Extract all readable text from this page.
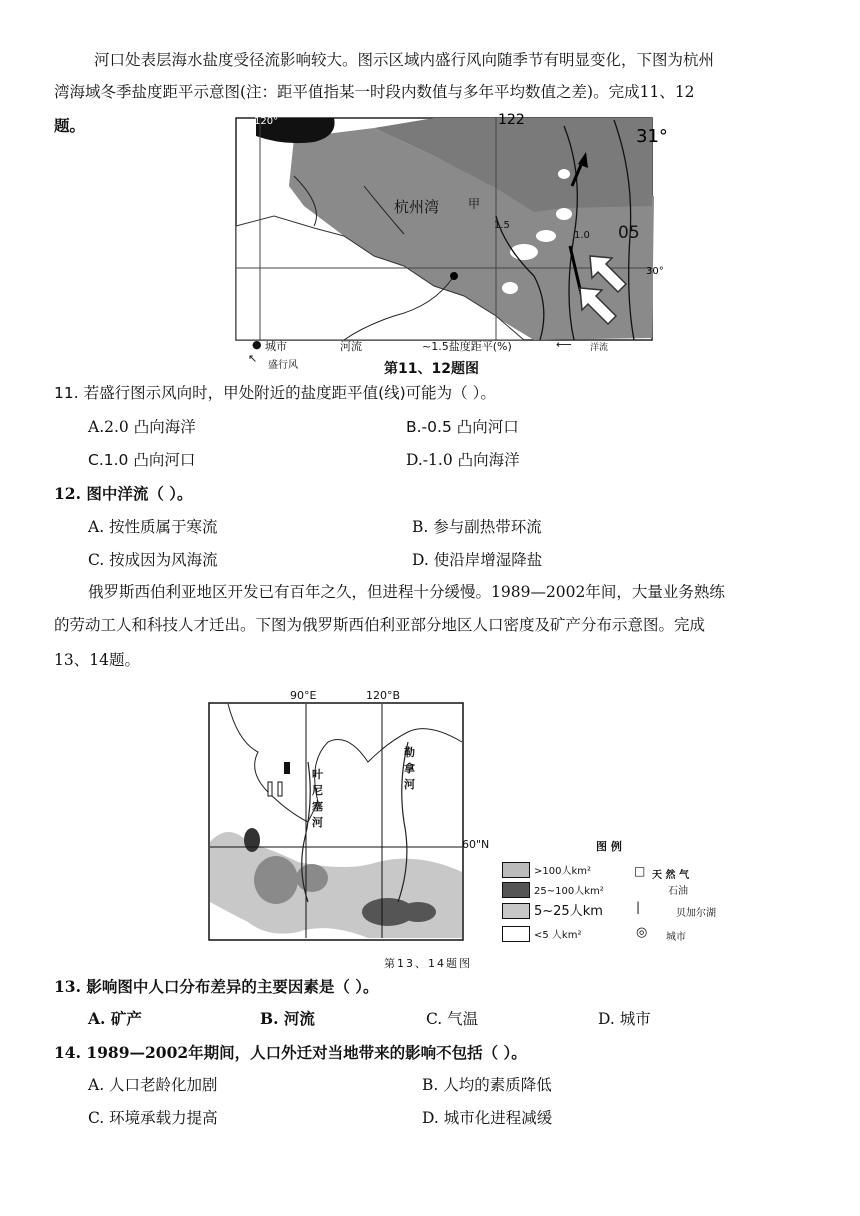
河口处表层海水盐度受径流影响较大。图示区域内盛行风向随季节有明显变化，下图为杭州
湾海域冬季盐度距平示意图(注：距平值指某一时段内数值与多年平均数值之差)。完成11、12
题。	120°	122
31°
30°
杭州湾 甲
1.5
1.0 05
● 城市
↖
盛行风
河流	~1.5盐度距平(%)	⟵ 洋流
第11、12题图
11. 若盛行图示风向时，甲处附近的盐度距平值(线)可能为（ ）。
A.2.0 凸向海洋	B.-0.5 凸向河口
C.1.0 凸向河口	D.-1.0 凸向海洋
12. 图中洋流（ ）。
A. 按性质属于寒流	B. 参与副热带环流
C. 按成因为风海流	D. 使沿岸增湿降盐
俄罗斯西伯利亚地区开发已有百年之久，但进程十分缓慢。1989—2002年间，大量业务熟练
的劳动工人和科技人才迁出。下图为俄罗斯西伯利亚部分地区人口密度及矿产分布示意图。完成
13、14题。
90°E	120°B
叶
尼
塞
河
勒
拿
河
60"N	图 例
>100人km²
25~100人km²
5~25人km
<5 人km²
□ 天 然 气
石油
|	贝加尔湖
◎ 城市
第13、14题图
13. 影响图中人口分布差异的主要因素是（ ）。
A. 矿产	B. 河流	C. 气温	D. 城市
14. 1989—2002年期间，人口外迁对当地带来的影响不包括（ ）。
A. 人口老龄化加剧	B. 人均的素质降低
C. 环境承载力提高	D. 城市化进程减缓
